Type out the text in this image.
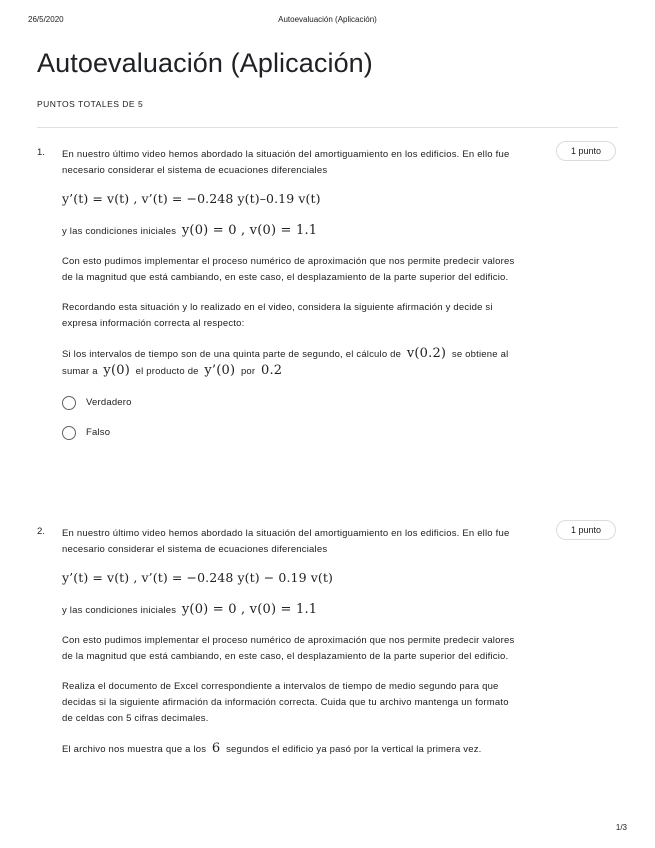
26/5/2020	Autoevaluación (Aplicación)
Autoevaluación (Aplicación)
PUNTOS TOTALES DE 5
1.	1 punto

En nuestro último video hemos abordado la situación del amortiguamiento en los edificios. En ello fue necesario considerar el sistema de ecuaciones diferenciales

y’(t) = v(t) , v’(t) = −0.248 y(t)–0.19 v(t)

y las condiciones iniciales y(0) = 0 , v(0) = 1.1

Con esto pudimos implementar el proceso numérico de aproximación que nos permite predecir valores de la magnitud que está cambiando, en este caso, el desplazamiento de la parte superior del edificio.

Recordando esta situación y lo realizado en el video, considera la siguiente afirmación y decide si expresa información correcta al respecto:

Si los intervalos de tiempo son de una quinta parte de segundo, el cálculo de v(0.2) se obtiene al sumar a y(0) el producto de y’(0) por 0.2

Verdadero
Falso
2.	1 punto

En nuestro último video hemos abordado la situación del amortiguamiento en los edificios. En ello fue necesario considerar el sistema de ecuaciones diferenciales

y’(t) = v(t) , v’(t) = −0.248 y(t) − 0.19 v(t)

y las condiciones iniciales y(0) = 0 , v(0) = 1.1

Con esto pudimos implementar el proceso numérico de aproximación que nos permite predecir valores de la magnitud que está cambiando, en este caso, el desplazamiento de la parte superior del edificio.

Realiza el documento de Excel correspondiente a intervalos de tiempo de medio segundo para que decidas si la siguiente afirmación da información correcta. Cuida que tu archivo mantenga un formato de celdas con 5 cifras decimales.

El archivo nos muestra que a los 6 segundos el edificio ya pasó por la vertical la primera vez.

1/3
